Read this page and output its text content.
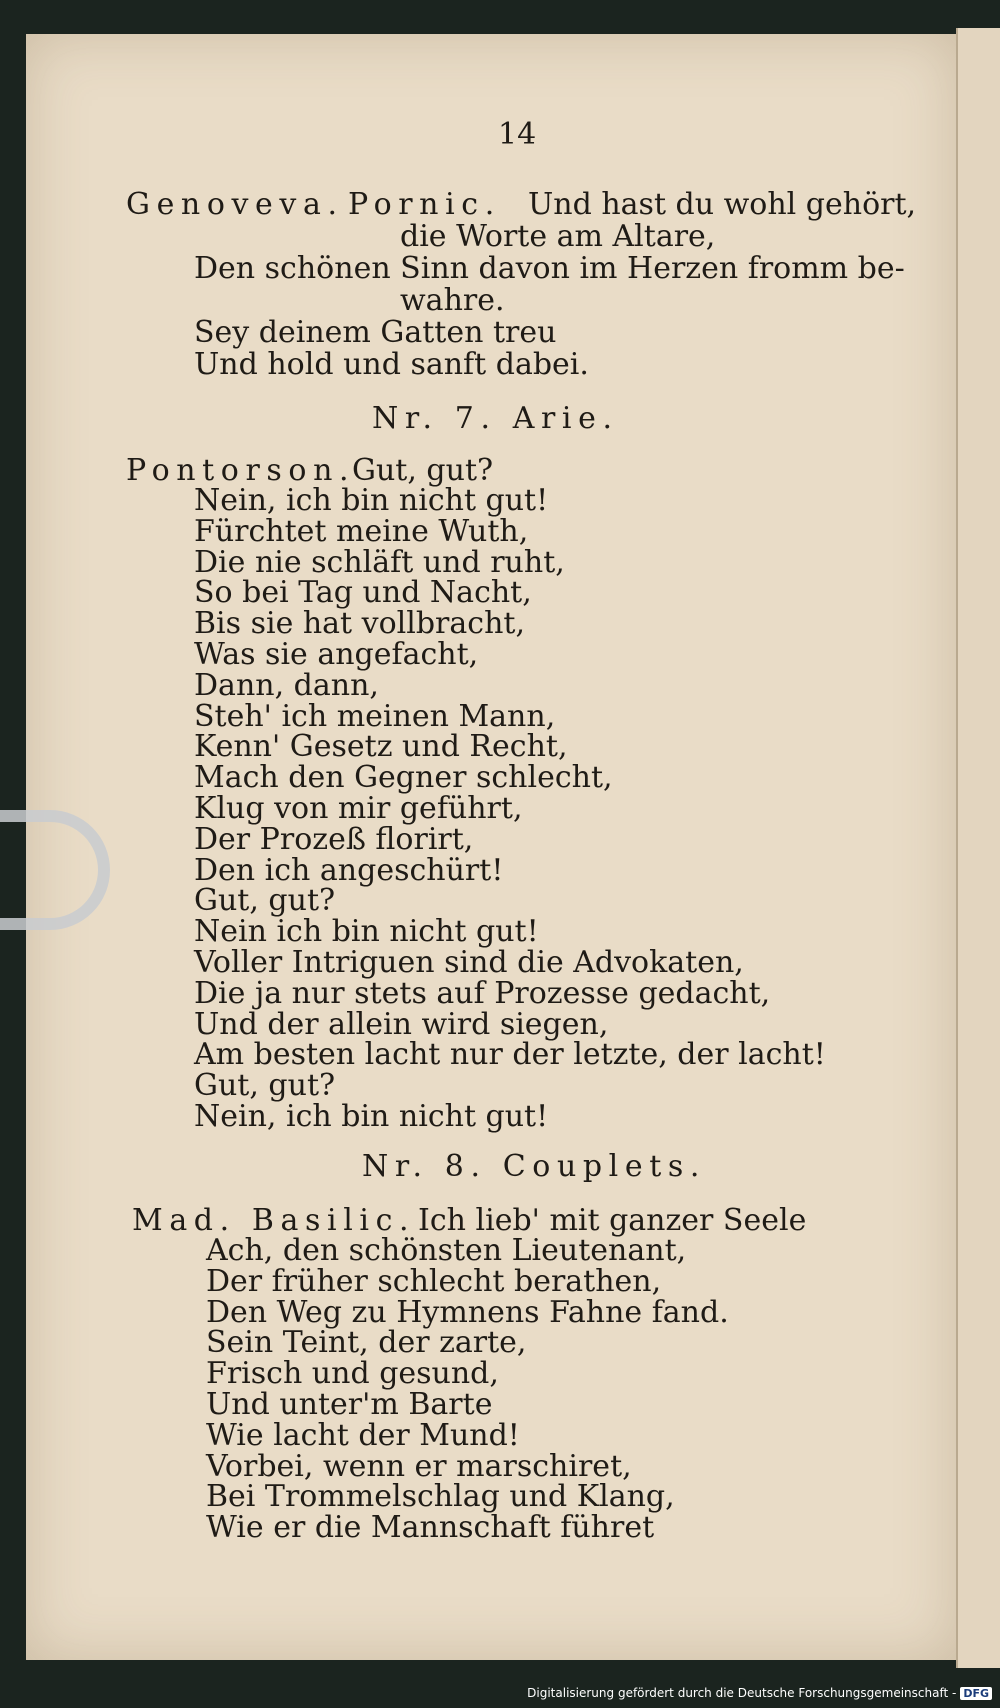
14
Genoveva. Pornic. Und hast du wohl gehört,
die Worte am Altare,
Den schönen Sinn davon im Herzen fromm be-
wahre.
Sey deinem Gatten treu
Und hold und sanft dabei.
Nr. 7. Arie.
Pontorson.
Gut, gut?
Nein, ich bin nicht gut!
Fürchtet meine Wuth,
Die nie schläft und ruht,
So bei Tag und Nacht,
Bis sie hat vollbracht,
Was sie angefacht,
Dann, dann,
Steh' ich meinen Mann,
Kenn' Gesetz und Recht,
Mach den Gegner schlecht,
Klug von mir geführt,
Der Prozeß florirt,
Den ich angeschürt!
Gut, gut?
Nein ich bin nicht gut!
Voller Intriguen sind die Advokaten,
Die ja nur stets auf Prozesse gedacht,
Und der allein wird siegen,
Am besten lacht nur der letzte, der lacht!
Gut, gut?
Nein, ich bin nicht gut!
Nr. 8. Couplets.
Mad. Basilic. Ich lieb' mit ganzer Seele
Ach, den schönsten Lieutenant,
Der früher schlecht berathen,
Den Weg zu Hymnens Fahne fand.
Sein Teint, der zarte,
Frisch und gesund,
Und unter'm Barte
Wie lacht der Mund!
Vorbei, wenn er marschiret,
Bei Trommelschlag und Klang,
Wie er die Mannschaft führet
Digitalisierung gefördert durch die Deutsche Forschungsgemeinschaft - DFG
